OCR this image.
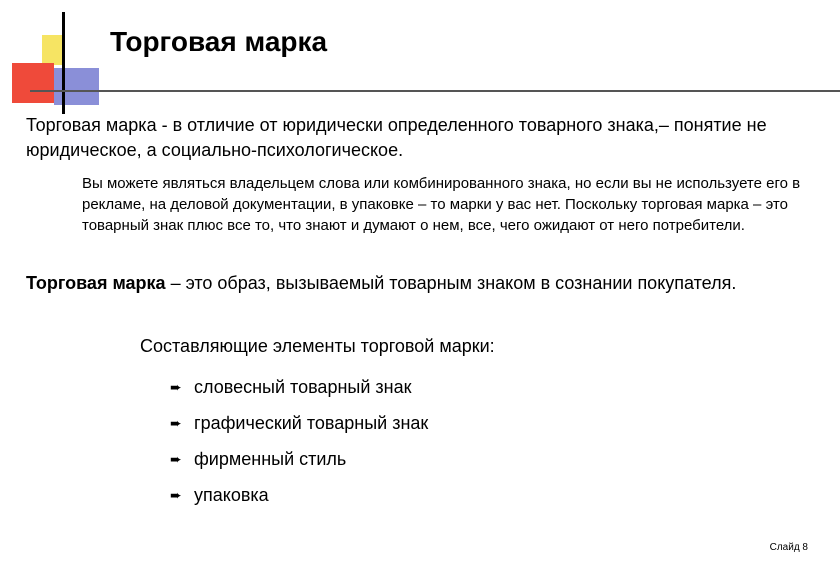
Торговая марка
Торговая марка - в отличие от юридически определенного товарного знака,– понятие не юридическое, а социально-психологическое.
Вы можете являться владельцем слова или комбинированного знака, но если вы не используете его в рекламе, на деловой документации, в упаковке – то марки у вас нет. Поскольку торговая марка – это товарный знак плюс все то, что знают и думают о нем, все, чего ожидают от него потребители.
Торговая марка – это образ, вызываемый товарным знаком в сознании покупателя.
Составляющие элементы торговой марки:
➨ словесный товарный знак
➨ графический товарный знак
➨ фирменный стиль
➨ упаковка
Слайд 8
